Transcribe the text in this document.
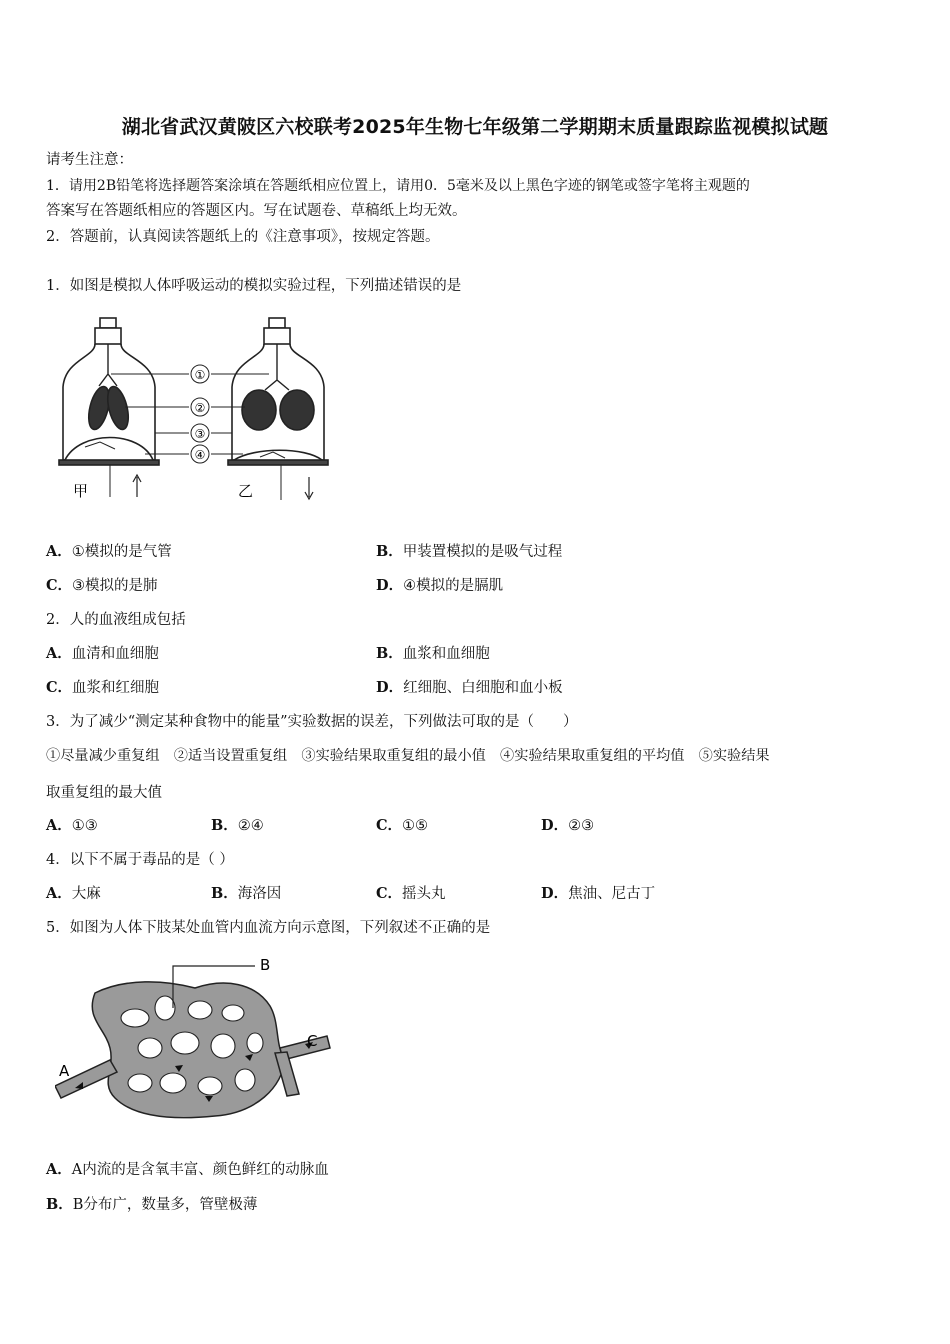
湖北省武汉黄陂区六校联考2025年生物七年级第二学期期末质量跟踪监视模拟试题
请考生注意：
1．请用2B铅笔将选择题答案涂填在答题纸相应位置上，请用0．5毫米及以上黑色字迹的钢笔或签字笔将主观题的
答案写在答题纸相应的答题区内。写在试题卷、草稿纸上均无效。
2．答题前，认真阅读答题纸上的《注意事项》，按规定答题。
1．如图是模拟人体呼吸运动的模拟实验过程，下列描述错误的是
①
②
③
④
甲	乙
A．①模拟的是气管	B．甲装置模拟的是吸气过程
C．③模拟的是肺	D．④模拟的是膈肌
2．人的血液组成包括
A．血清和血细胞	B．血浆和血细胞
C．血浆和红细胞	D．红细胞、白细胞和血小板
3．为了减少“测定某种食物中的能量”实验数据的误差，下列做法可取的是（　　）
①尽量减少重复组　②适当设置重复组　③实验结果取重复组的最小值　④实验结果取重复组的平均值　⑤实验结果
取重复组的最大值
A．①③	B．②④	C．①⑤	D．②③
4．以下不属于毒品的是（ ）
A．大麻	B．海洛因	C．摇头丸	D．焦油、尼古丁
5．如图为人体下肢某处血管内血流方向示意图，下列叙述不正确的是
A
B
C
A．A内流的是含氧丰富、颜色鲜红的动脉血
B．B分布广，数量多，管壁极薄
